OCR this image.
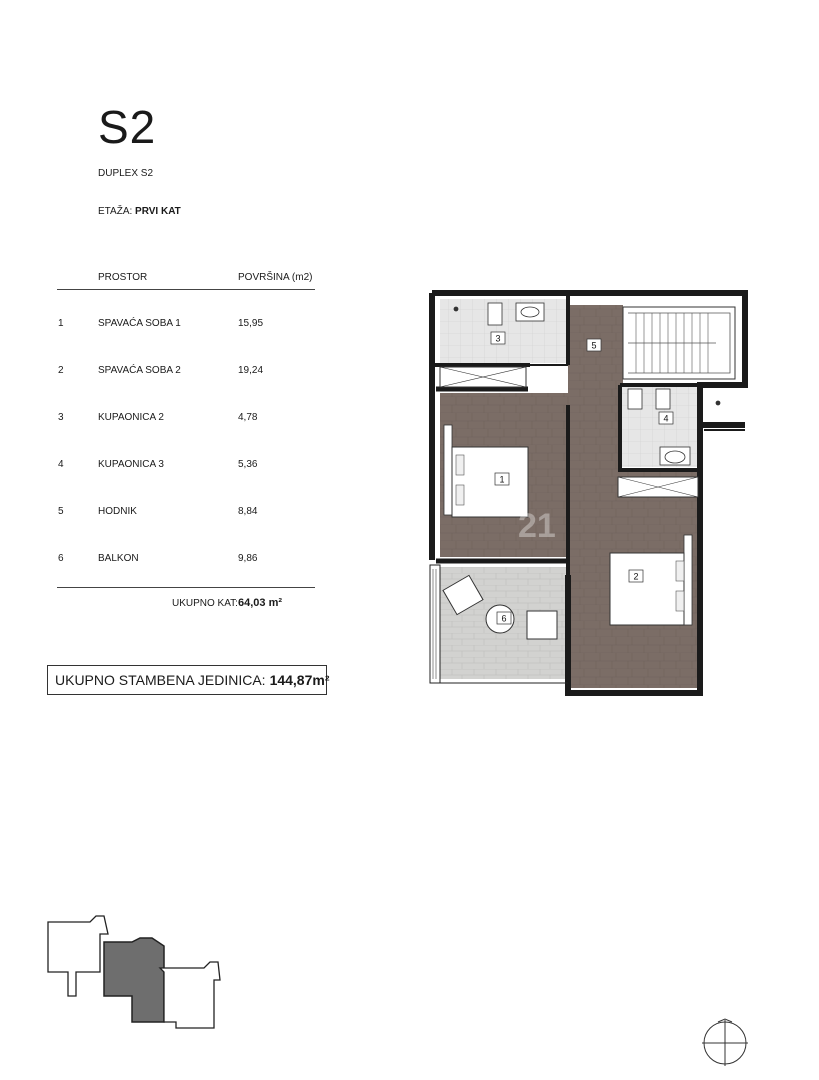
S2
DUPLEX S2
ETAŽA: PRVI KAT
PROSTOR	POVRŠINA (m2)
1	SPAVAĆA SOBA 1	15,95
2	SPAVAĆA SOBA 2	19,24
3	KUPAONICA 2	4,78
4	KUPAONICA 3	5,36
5	HODNIK	8,84
6	BALKON	9,86
UKUPNO KAT: 64,03 m²
UKUPNO STAMBENA JEDINICA: 144,87m²
1
2
3
4
5
6
21
